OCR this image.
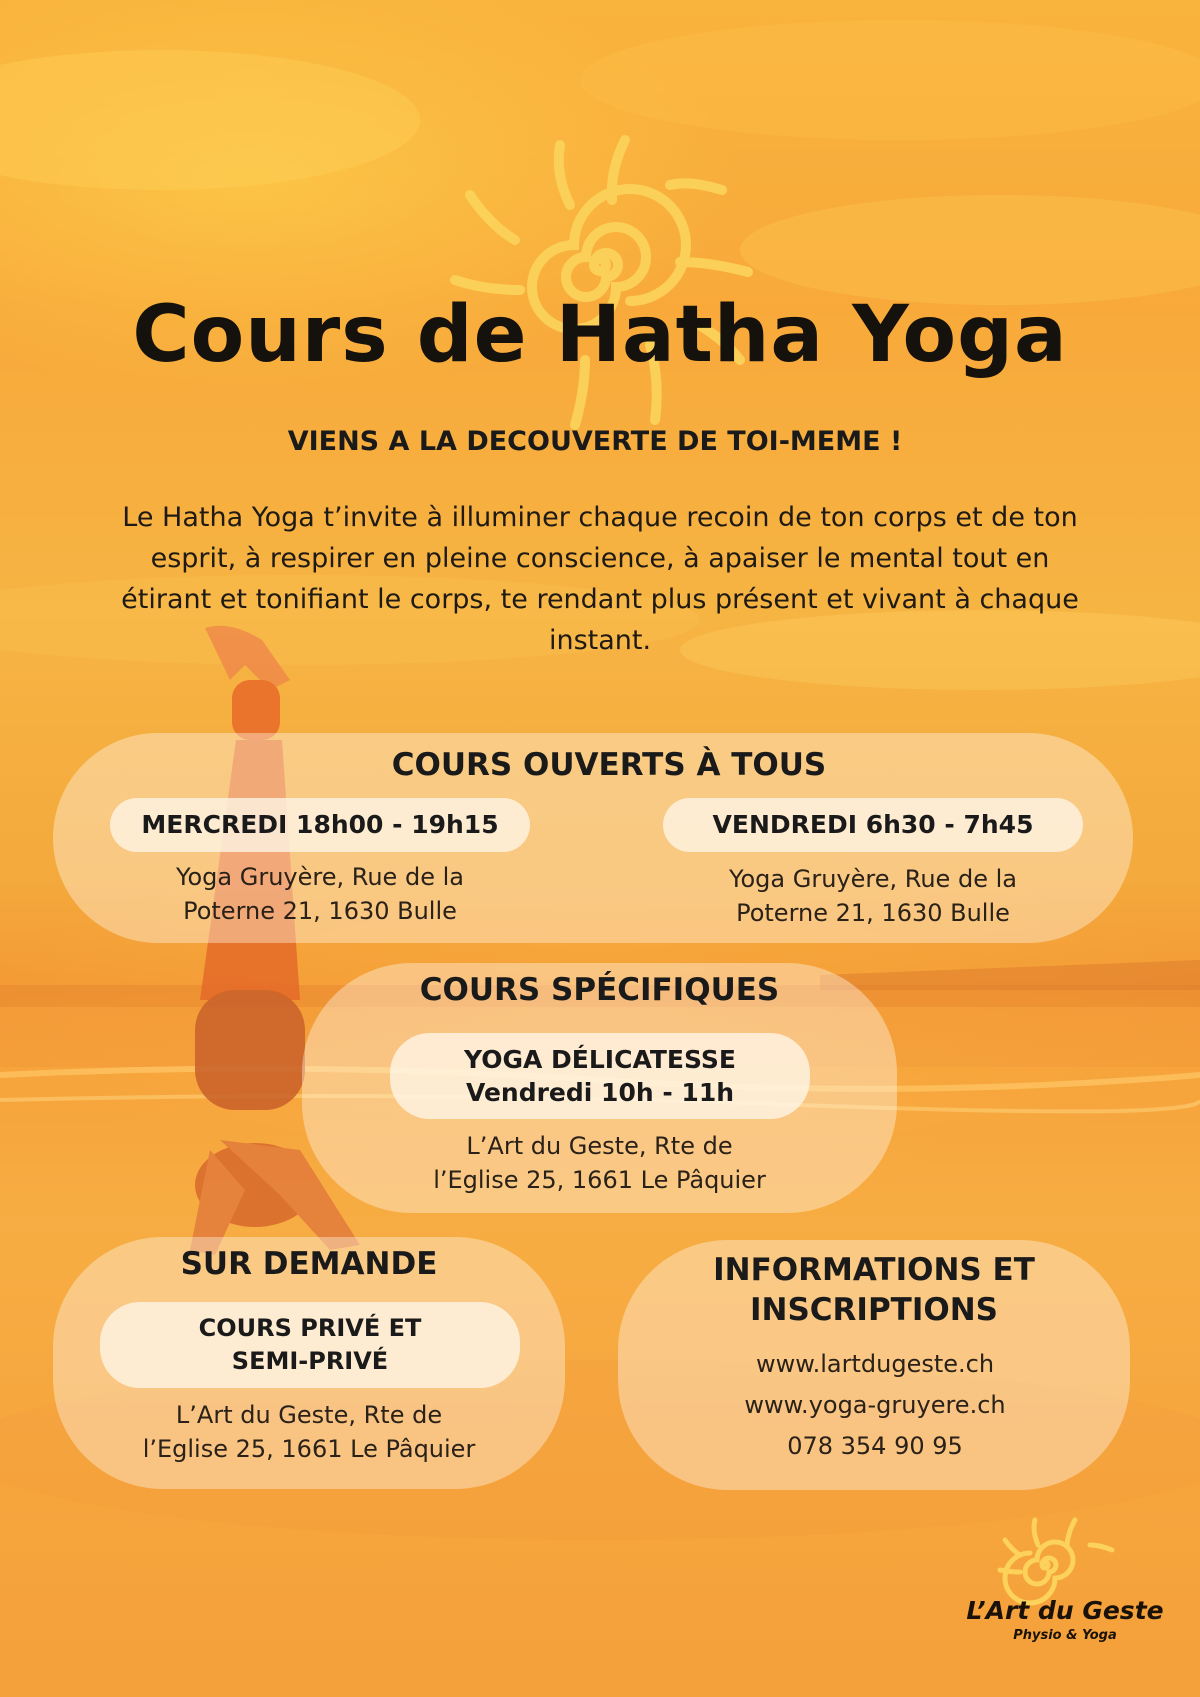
Cours de Hatha Yoga
VIENS A LA DECOUVERTE DE TOI-MEME !

Le Hatha Yoga t’invite à illuminer chaque recoin de ton corps et de ton esprit, à respirer en pleine conscience, à apaiser le mental tout en étirant et tonifiant le corps, te rendant plus présent et vivant à chaque instant.

COURS OUVERTS À TOUS
MERCREDI 18h00 - 19h15
Yoga Gruyère, Rue de la
Poterne 21, 1630 Bulle
VENDREDI 6h30 - 7h45
Yoga Gruyère, Rue de la
Poterne 21, 1630 Bulle
COURS SPÉCIFIQUES
YOGA DÉLICATESSE
Vendredi 10h - 11h
L’Art du Geste, Rte de
l’Eglise 25, 1661 Le Pâquier
SUR DEMANDE
COURS PRIVÉ ET
SEMI-PRIVÉ
L’Art du Geste, Rte de
l’Eglise 25, 1661 Le Pâquier
INFORMATIONS ET
INSCRIPTIONS
www.lartdugeste.ch
www.yoga-gruyere.ch
078 354 90 95
L’Art du Geste
Physio & Yoga
